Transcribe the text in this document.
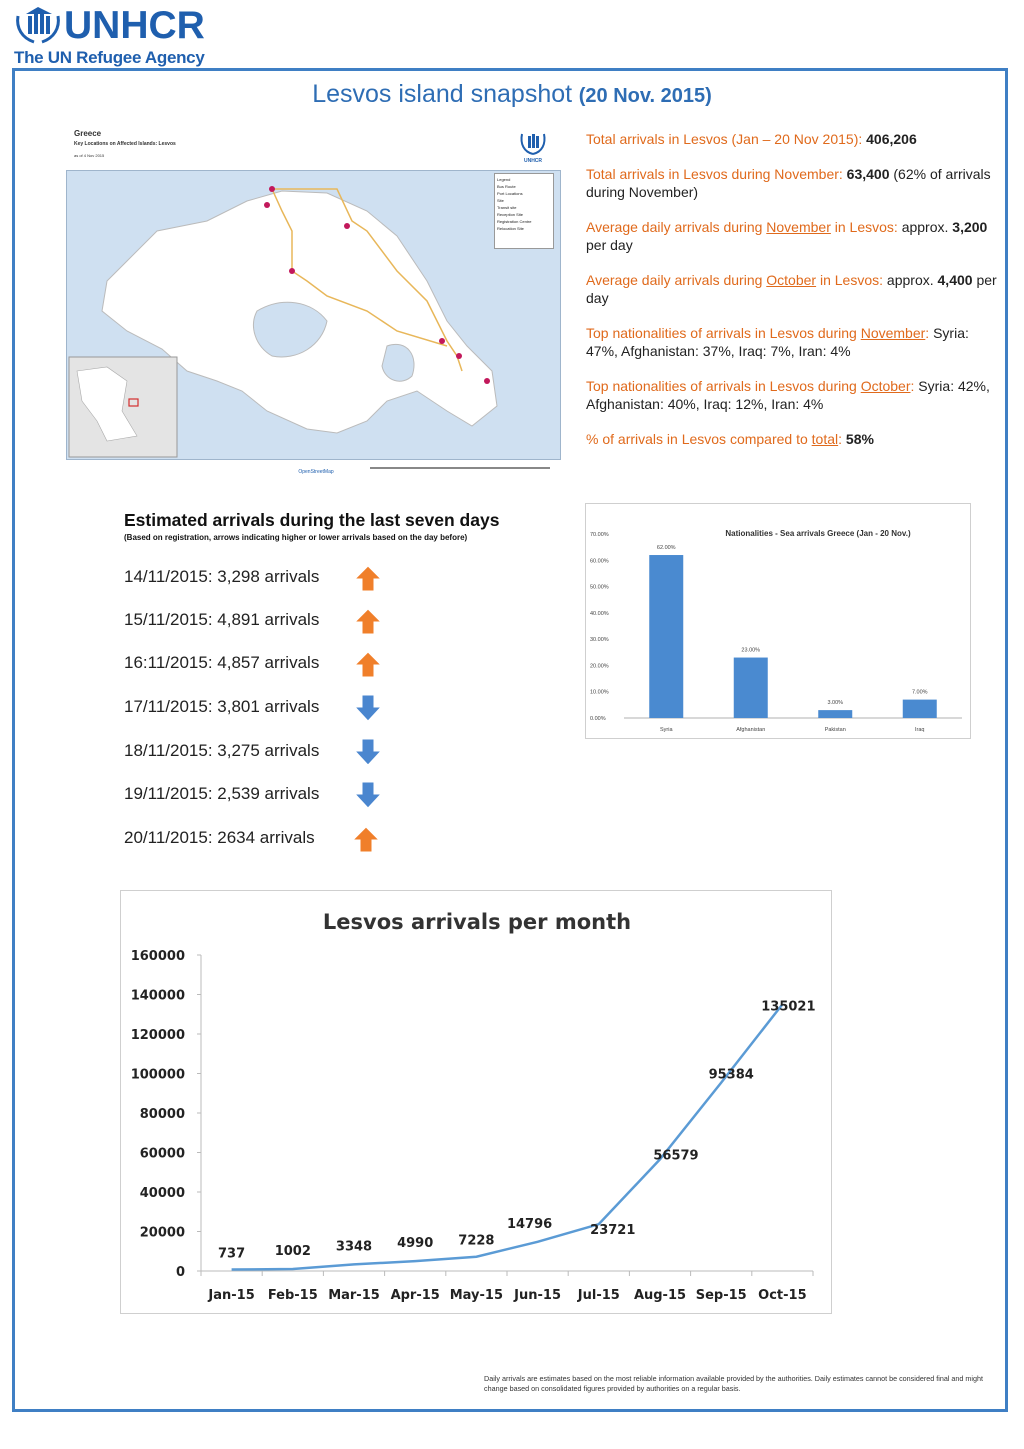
UNHCR
The UN Refugee Agency
Lesvos island snapshot (20 Nov. 2015)
Greece
Key Locations on Affected Islands: Lesvos
as of 4 Nov 2015
UNHCR
Legend
Bus Route
Port Locations
Site
Transit site
Reception Site
Registration Centre
Relocation Site
OpenStreetMap
Total arrivals in Lesvos (Jan – 20 Nov 2015): 406,206
Total arrivals in Lesvos during November: 63,400 (62% of arrivals during November)
Average daily arrivals during November in Lesvos: approx. 3,200 per day
Average daily arrivals during October in Lesvos: approx. 4,400 per day
Top nationalities of arrivals in Lesvos during November: Syria: 47%, Afghanistan: 37%, Iraq: 7%, Iran: 4%
Top nationalities of arrivals in Lesvos during October: Syria: 42%, Afghanistan: 40%, Iraq: 12%, Iran: 4%
% of arrivals in Lesvos compared to total: 58%
Estimated arrivals during the last seven days
(Based on registration, arrows indicating higher or lower arrivals based on the day before)
14/11/2015: 3,298 arrivals
15/11/2015: 4,891 arrivals
16:11/2015: 4,857 arrivals
17/11/2015: 3,801 arrivals
18/11/2015: 3,275 arrivals
19/11/2015: 2,539 arrivals
20/11/2015: 2634 arrivals
Nationalities - Sea arrivals Greece (Jan - 20 Nov.)
0.00%
10.00%
20.00%
30.00%
40.00%
50.00%
60.00%
70.00%
62.00%
Syria
23.00%
Afghanistan
3.00%
Pakistan
7.00%
Iraq
Lesvos arrivals per month
0
20000
40000
60000
80000
100000
120000
140000
160000
737
Jan-15
1002
Feb-15
3348
Mar-15
4990
Apr-15
7228
May-15
14796
Jun-15
23721
Jul-15
56579
Aug-15
95384
Sep-15
135021
Oct-15
Daily arrivals are estimates based on the most reliable information available provided by the authorities. Daily estimates cannot be considered final and might change based on consolidated figures provided by authorities on a regular basis.
